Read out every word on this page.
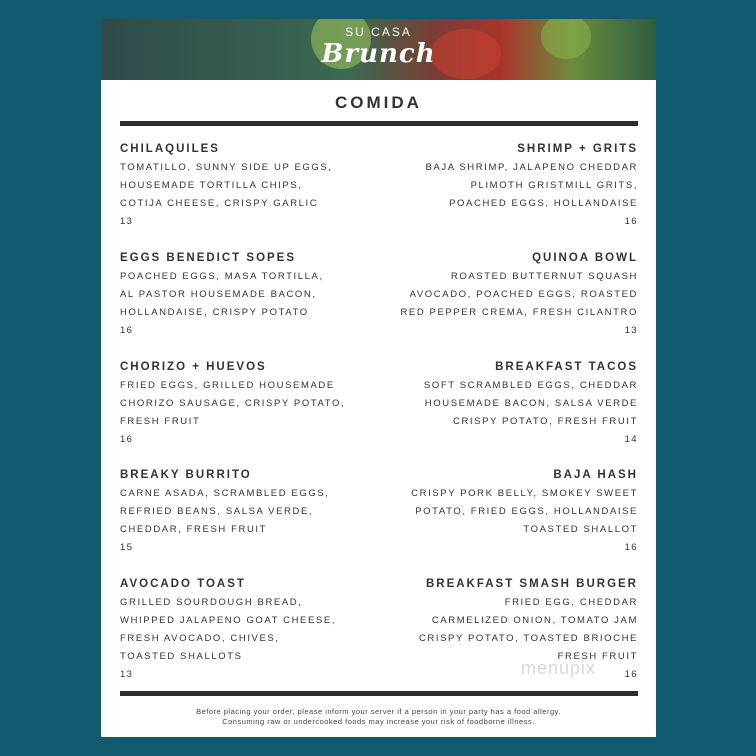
SU CASA
Brunch
COMIDA
CHILAQUILES
TOMATILLO, SUNNY SIDE UP EGGS,
HOUSEMADE TORTILLA CHIPS,
COTIJA CHEESE, CRISPY GARLIC
13
EGGS BENEDICT SOPES
POACHED EGGS, MASA TORTILLA,
AL PASTOR HOUSEMADE BACON,
HOLLANDAISE, CRISPY POTATO
16
CHORIZO + HUEVOS
FRIED EGGS, GRILLED HOUSEMADE
CHORIZO SAUSAGE, CRISPY POTATO,
FRESH FRUIT
16
BREAKY BURRITO
CARNE ASADA, SCRAMBLED EGGS,
REFRIED BEANS, SALSA VERDE,
CHEDDAR, FRESH FRUIT
15
AVOCADO TOAST
GRILLED SOURDOUGH BREAD,
WHIPPED JALAPENO GOAT CHEESE,
FRESH AVOCADO, CHIVES,
TOASTED SHALLOTS
13
SHRIMP + GRITS
BAJA SHRIMP, JALAPENO CHEDDAR
PLIMOTH GRISTMILL GRITS,
POACHED EGGS, HOLLANDAISE
16
QUINOA BOWL
ROASTED BUTTERNUT SQUASH
AVOCADO, POACHED EGGS, ROASTED
RED PEPPER CREMA, FRESH CILANTRO
13
BREAKFAST TACOS
SOFT SCRAMBLED EGGS, CHEDDAR
HOUSEMADE BACON, SALSA VERDE
CRISPY POTATO, FRESH FRUIT
14
BAJA HASH
CRISPY PORK BELLY, SMOKEY SWEET
POTATO, FRIED EGGS, HOLLANDAISE
TOASTED SHALLOT
16
BREAKFAST SMASH BURGER
FRIED EGG, CHEDDAR
CARMELIZED ONION, TOMATO JAM
CRISPY POTATO, TOASTED BRIOCHE
FRESH FRUIT
16
menupix
Before placing your order, please inform your server if a person in your party has a food allergy.
Consuming raw or undercooked foods may increase your risk of foodborne illness.
